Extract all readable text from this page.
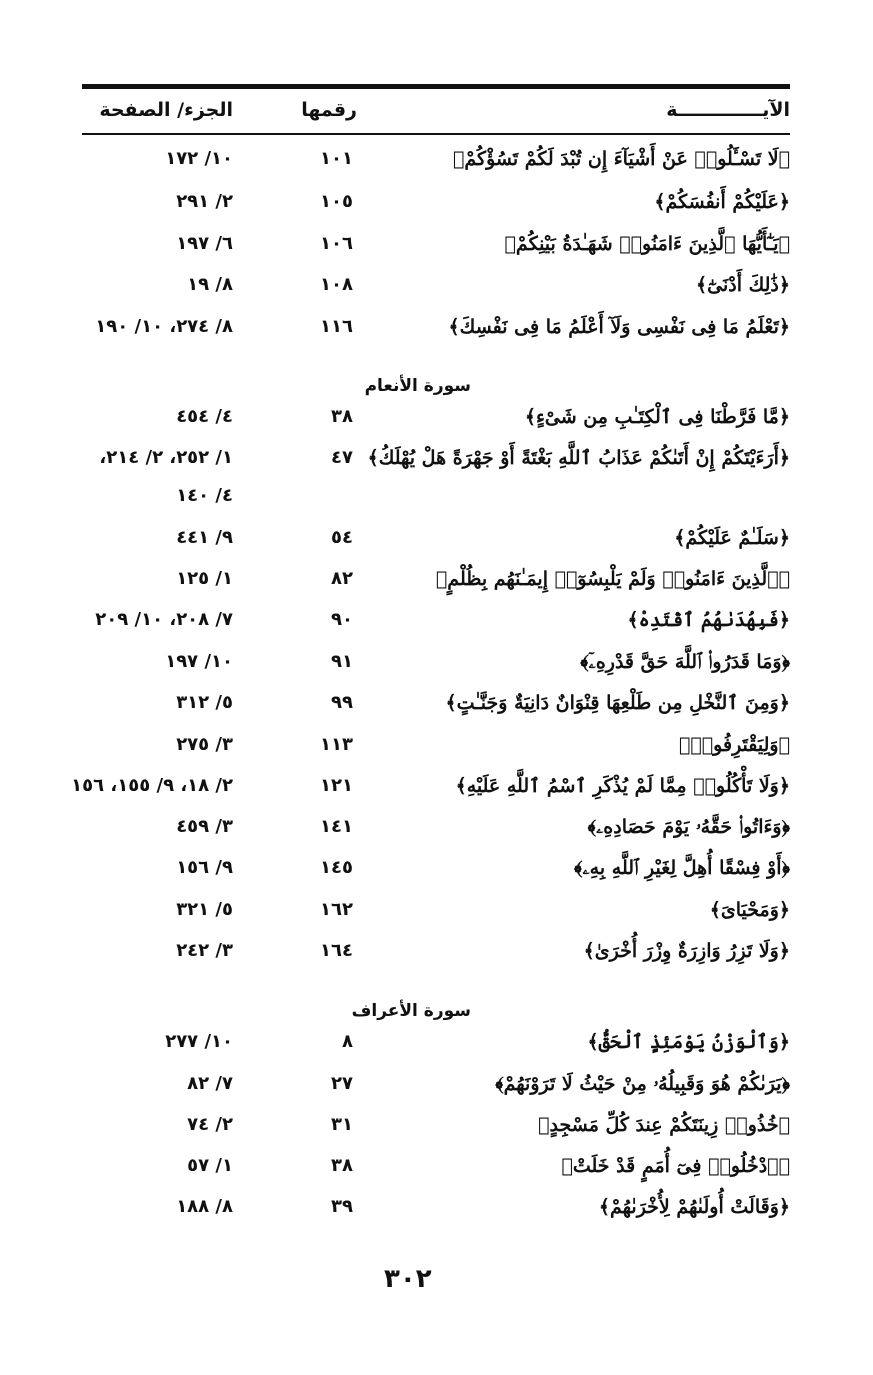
الآيـــــــــــــة
رقمها
الجزء/ الصفحة
﴿لَا تَسْـَٔلُوا۟ عَنْ أَشْيَآءَ إِن تُبْدَ لَكُمْ تَسُؤْكُمْ﴾
١٠١
١٠/ ١٧٢
﴿عَلَيْكُمْ أَنفُسَكُمْ﴾
١٠٥
٢/ ٢٩١
﴿يَـٰٓأَيُّهَا ٱلَّذِينَ ءَامَنُوا۟ شَهَـٰدَةُ بَيْنِكُمْ﴾
١٠٦
٦/ ١٩٧
﴿ذَٰلِكَ أَدْنَىٰٓ﴾
١٠٨
٨/ ١٩
﴿تَعْلَمُ مَا فِى نَفْسِى وَلَآ أَعْلَمُ مَا فِى نَفْسِكَ﴾
١١٦
٨/ ٢٧٤، ١٠/ ١٩٠
سورة الأنعام
﴿مَّا فَرَّطْنَا فِى ٱلْكِتَـٰبِ مِن شَىْءٍ﴾
٣٨
٤/ ٤٥٤
﴿أَرَءَيْتَكُمْ إِنْ أَتَىٰكُمْ عَذَابُ ٱللَّهِ بَغْتَةً أَوْ جَهْرَةً هَلْ يُهْلَكُ﴾
٤٧
١/ ٢٥٢، ٢/ ٢١٤،
٤/ ١٤٠
﴿سَلَـٰمٌ عَلَيْكُمْ﴾
٥٤
٩/ ٤٤١
﴿ٱلَّذِينَ ءَامَنُوا۟ وَلَمْ يَلْبِسُوٓا۟ إِيمَـٰنَهُم بِظُلْمٍ﴾
٨٢
١/ ١٢٥
﴿فَبِهُدَىٰهُمُ ٱقْتَدِهْ﴾
٩٠
٧/ ٢٠٨، ١٠/ ٢٠٩
﴿وَمَا قَدَرُوا۟ ٱللَّهَ حَقَّ قَدْرِهِۦٓ﴾
٩١
١٠/ ١٩٧
﴿وَمِنَ ٱلنَّخْلِ مِن طَلْعِهَا قِنْوَانٌ دَانِيَةٌ وَجَنَّـٰتٍ﴾
٩٩
٥/ ٣١٢
﴿وَلِيَقْتَرِفُوا۟﴾
١١٣
٣/ ٢٧٥
﴿وَلَا تَأْكُلُوا۟ مِمَّا لَمْ يُذْكَرِ ٱسْمُ ٱللَّهِ عَلَيْهِ﴾
١٢١
٢/ ١٨، ٩/ ١٥٥، ١٥٦
﴿وَءَاتُوا۟ حَقَّهُۥ يَوْمَ حَصَادِهِۦ﴾
١٤١
٣/ ٤٥٩
﴿أَوْ فِسْقًا أُهِلَّ لِغَيْرِ ٱللَّهِ بِهِۦ﴾
١٤٥
٩/ ١٥٦
﴿وَمَحْيَاىَ﴾
١٦٢
٥/ ٣٢١
﴿وَلَا تَزِرُ وَازِرَةٌ وِزْرَ أُخْرَىٰ﴾
١٦٤
٣/ ٢٤٢
سورة الأعراف
﴿وَٱلْوَزْنُ يَوْمَئِذٍ ٱلْحَقُّ﴾
٨
١٠/ ٢٧٧
﴿يَرَىٰكُمْ هُوَ وَقَبِيلُهُۥ مِنْ حَيْثُ لَا تَرَوْنَهُمْ﴾
٢٧
٧/ ٨٢
﴿خُذُوا۟ زِينَتَكُمْ عِندَ كُلِّ مَسْجِدٍ﴾
٣١
٢/ ٧٤
﴿ٱدْخُلُوا۟ فِىٓ أُمَمٍ قَدْ خَلَتْ﴾
٣٨
١/ ٥٧
﴿وَقَالَتْ أُولَىٰهُمْ لِأُخْرَىٰهُمْ﴾
٣٩
٨/ ١٨٨
٣٠٢
